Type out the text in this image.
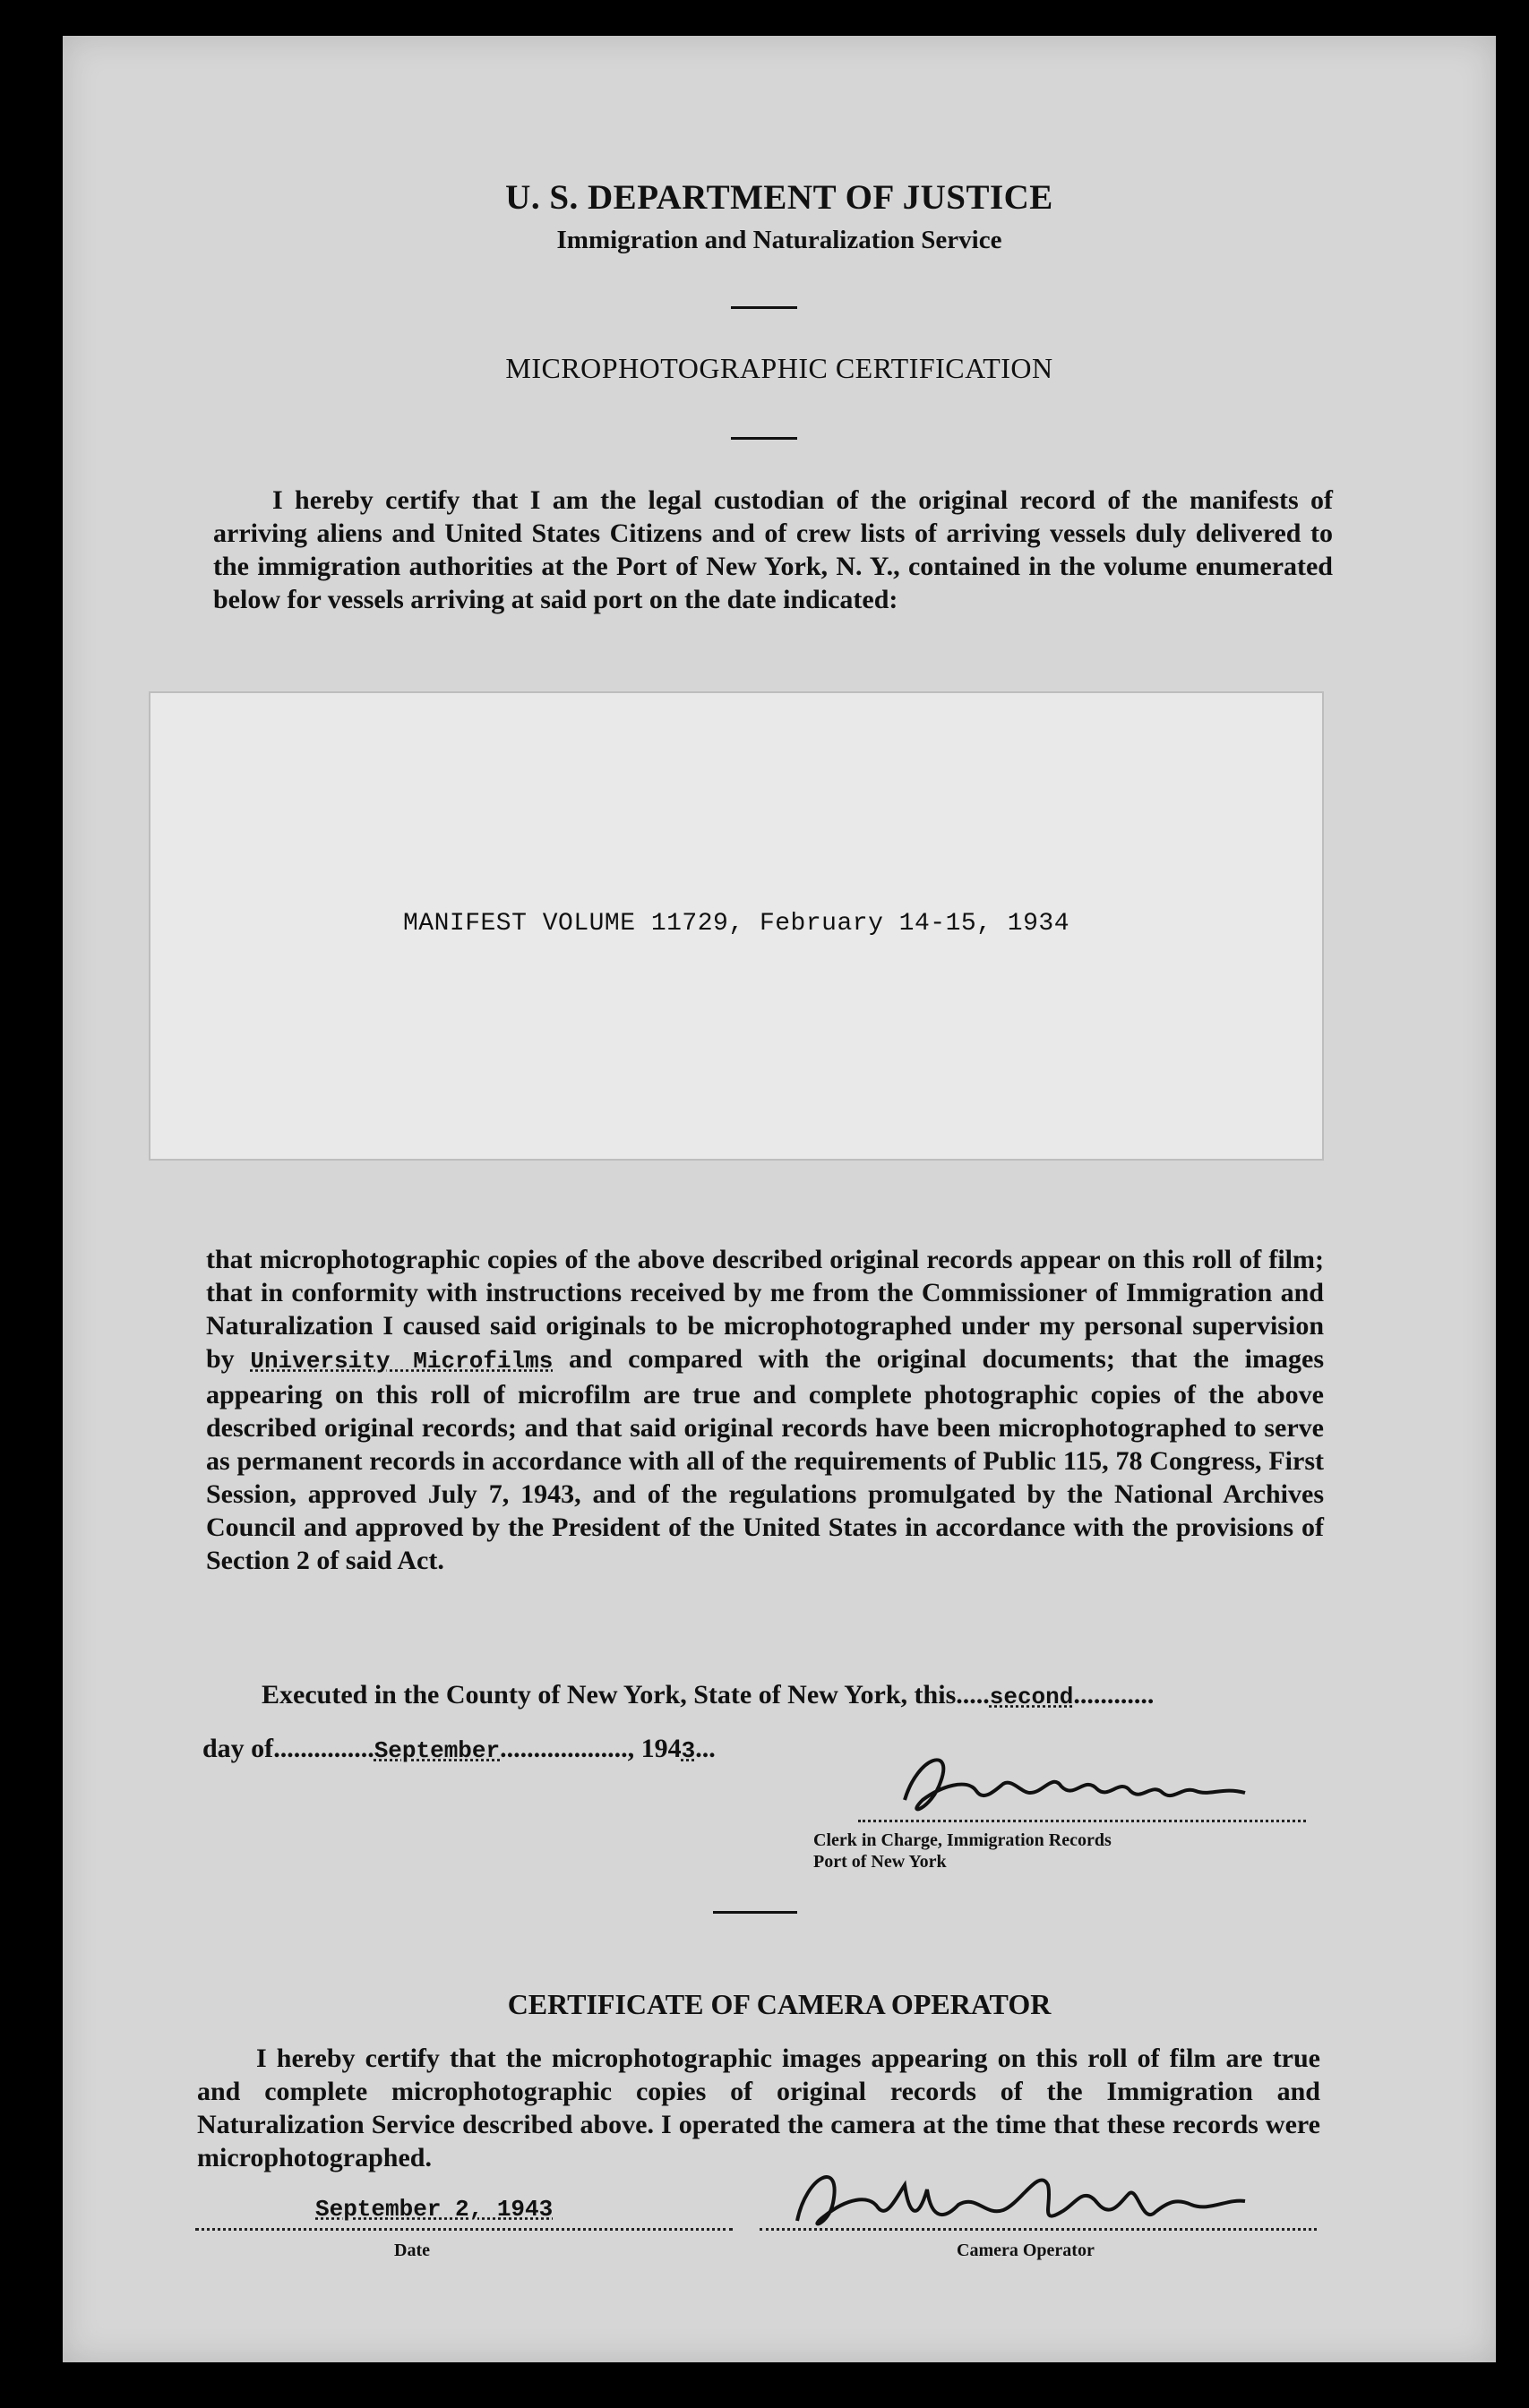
U. S. DEPARTMENT OF JUSTICE
Immigration and Naturalization Service
MICROPHOTOGRAPHIC CERTIFICATION
I hereby certify that I am the legal custodian of the original record of the manifests of arriving aliens and United States Citizens and of crew lists of arriving vessels duly delivered to the immigration authorities at the Port of New York, N. Y., contained in the volume enumerated below for vessels arriving at said port on the date indicated:
MANIFEST VOLUME 11729, February 14-15, 1934
that microphotographic copies of the above described original records appear on this roll of film; that in conformity with instructions received by me from the Commissioner of Immigration and Naturalization I caused said originals to be microphotographed under my personal supervision by University Microfilms and compared with the original documents; that the images appearing on this roll of microfilm are true and complete photographic copies of the above described original records; and that said original records have been microphotographed to serve as permanent records in accordance with all of the requirements of Public 115, 78 Congress, First Session, approved July 7, 1943, and of the regulations promulgated by the National Archives Council and approved by the President of the United States in accordance with the provisions of Section 2 of said Act.
Executed in the County of New York, State of New York, this.....second............
day of...............September..................., 1943...
Clerk in Charge, Immigration Records
Port of New York
CERTIFICATE OF CAMERA OPERATOR
I hereby certify that the microphotographic images appearing on this roll of film are true and complete microphotographic copies of original records of the Immigration and Naturalization Service described above. I operated the camera at the time that these records were microphotographed.
September 2, 1943
Date	Camera Operator
